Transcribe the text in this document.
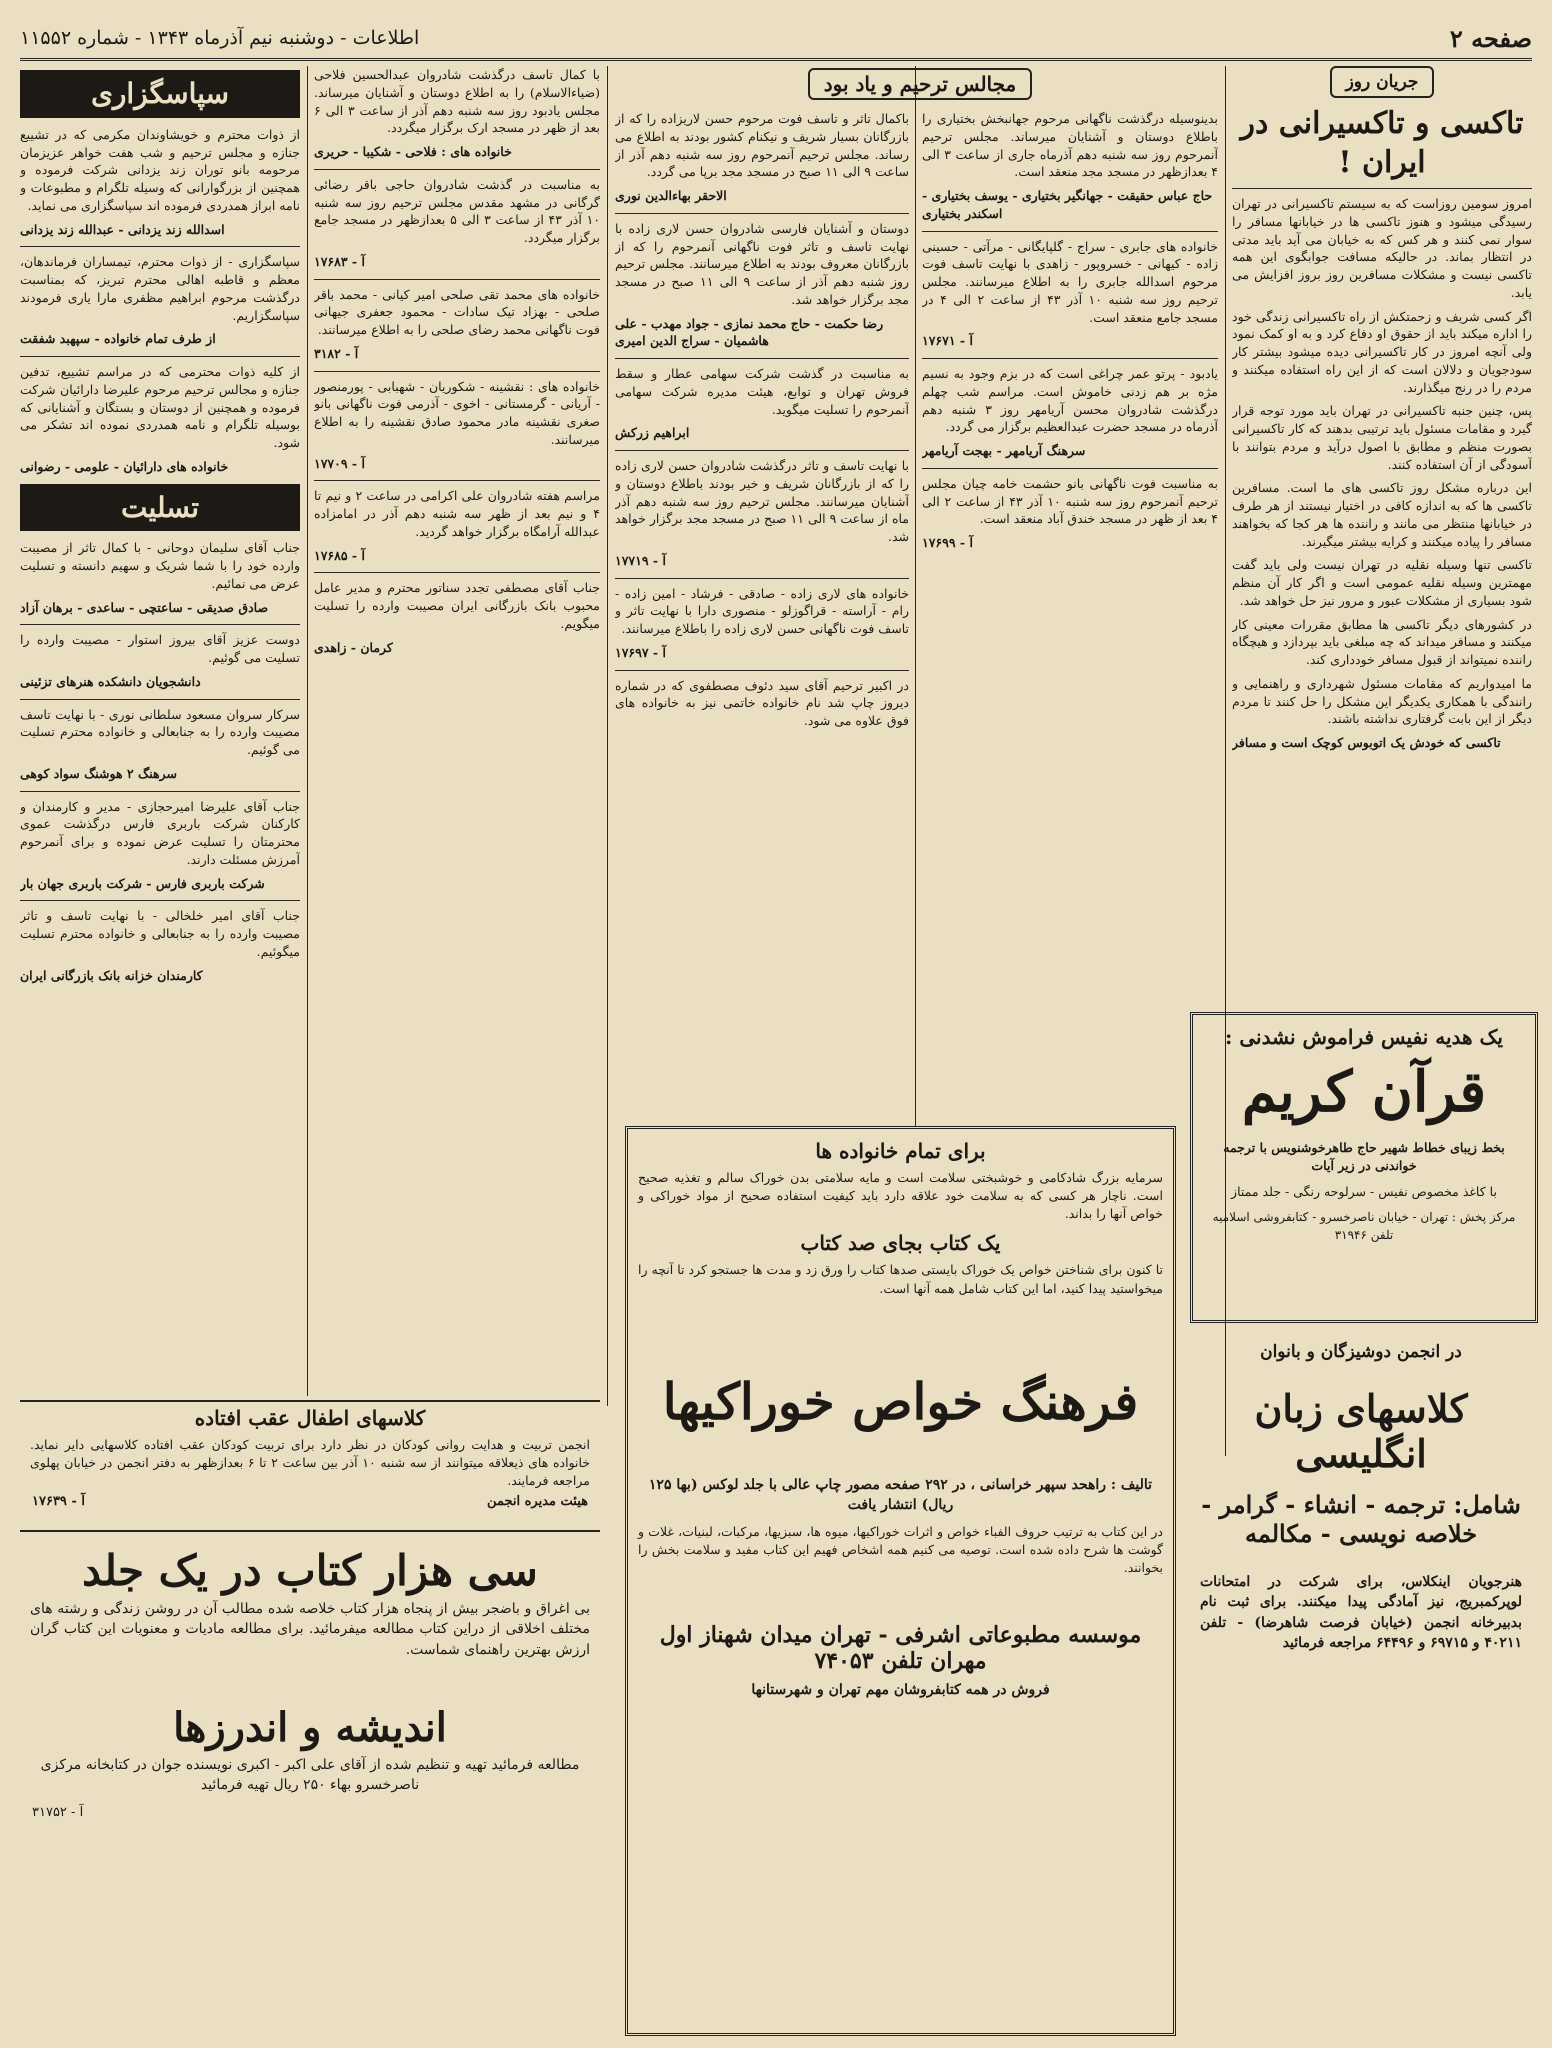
صفحه ۲
اطلاعات - دوشنبه نیم آذرماه ۱۳۴۳ - شماره ۱۱۵۵۲
جریان روز
تاکسی و تاکسیرانی در ایران !

امروز سومین روزاست که به سیستم تاکسیرانی در تهران رسیدگی میشود و هنوز تاکسی ها در خیابانها مسافر را سوار نمی کنند و هر کس که به خیابان می آید باید مدتی در انتظار بماند. در حالیکه مسافت جوابگوی این همه تاکسی نیست و مشکلات مسافرین روز بروز افزایش می یابد.

اگر کسی شریف و زحمتکش از راه تاکسیرانی زندگی خود را اداره میکند باید از حقوق او دفاع کرد و به او کمک نمود ولی آنچه امروز در کار تاکسیرانی دیده میشود بیشتر کار سودجویان و دلالان است که از این راه استفاده میکنند و مردم را در رنج میگذارند.

پس، چنین جنبه تاکسیرانی در تهران باید مورد توجه قرار گیرد و مقامات مسئول باید ترتیبی بدهند که کار تاکسیرانی بصورت منظم و مطابق با اصول درآید و مردم بتوانند با آسودگی از آن استفاده کنند.

این درباره مشکل روز تاکسی های ما است. مسافرین تاکسی ها که به اندازه کافی در اختیار نیستند از هر طرف در خیابانها منتظر می مانند و راننده ها هر کجا که بخواهند مسافر را پیاده میکنند و کرایه بیشتر میگیرند.

تاکسی تنها وسیله نقلیه در تهران نیست ولی باید گفت مهمترین وسیله نقلیه عمومی است و اگر کار آن منظم شود بسیاری از مشکلات عبور و مرور نیز حل خواهد شد.

در کشورهای دیگر تاکسی ها مطابق مقررات معینی کار میکنند و مسافر میداند که چه مبلغی باید بپردازد و هیچگاه راننده نمیتواند از قبول مسافر خودداری کند.

ما امیدواریم که مقامات مسئول شهرداری و راهنمایی و رانندگی با همکاری یکدیگر این مشکل را حل کنند تا مردم دیگر از این بابت گرفتاری نداشته باشند.

تاکسی که خودش یک اتوبوس کوچک است و مسافر
مجالس ترحیم و یاد بود

بدینوسیله درگذشت ناگهانی مرحوم جهانبخش بختیاری را باطلاع دوستان و آشنایان میرساند. مجلس ترحیم آنمرحوم روز سه شنبه دهم آذرماه جاری از ساعت ۳ الی ۴ بعدازظهر در مسجد مجد منعقد است.

حاج عباس حقیقت - جهانگیر بختیاری - یوسف بختیاری - اسکندر بختیاری

خانواده های جابری - سراج - گلپایگانی - مرآتی - حسینی زاده - کیهانی - خسروپور - زاهدی با نهایت تاسف فوت مرحوم اسدالله جابری را به اطلاع میرسانند. مجلس ترحیم روز سه شنبه ۱۰ آذر ۴۳ از ساعت ۲ الی ۴ در مسجد جامع منعقد است.

آ - ۱۷۶۷۱

یادبود - پرتو عمر چراغی است که در بزم وجود به نسیم مژه بر هم زدنی خاموش است. مراسم شب چهلم درگذشت شادروان محسن آریامهر روز ۳ شنبه دهم آذرماه در مسجد حضرت عبدالعظیم برگزار می گردد.

سرهنگ آریامهر - بهجت آریامهر

به مناسبت فوت ناگهانی بانو حشمت خامه چیان مجلس ترحیم آنمرحوم روز سه شنبه ۱۰ آذر ۴۳ از ساعت ۲ الی ۴ بعد از ظهر در مسجد خندق آباد منعقد است.

آ - ۱۷۶۹۹

باکمال تاثر و تاسف فوت مرحوم حسن لاریزاده را که از بازرگانان بسیار شریف و نیکنام کشور بودند به اطلاع می رساند. مجلس ترحیم آنمرحوم روز سه شنبه دهم آذر از ساعت ۹ الی ۱۱ صبح در مسجد مجد برپا می گردد.

الاحقر بهاءالدین نوری

دوستان و آشنایان فارسی شادروان حسن لاری زاده با نهایت تاسف و تاثر فوت ناگهانی آنمرحوم را که از بازرگانان معروف بودند به اطلاع میرسانند. مجلس ترحیم روز شنبه دهم آذر از ساعت ۹ الی ۱۱ صبح در مسجد مجد برگزار خواهد شد.

رضا حکمت - حاج محمد نمازی - جواد مهدب - علی هاشمیان - سراج الدین امیری

به مناسبت در گذشت شرکت سهامی عطار و سقط فروش تهران و توابع، هیئت مدیره شرکت سهامی آنمرحوم را تسلیت میگوید.

ابراهیم زرکش

با نهایت تاسف و تاثر درگذشت شادروان حسن لاری زاده را که از بازرگانان شریف و خیر بودند باطلاع دوستان و آشنایان میرسانند. مجلس ترحیم روز سه شنبه دهم آذر ماه از ساعت ۹ الی ۱۱ صبح در مسجد مجد برگزار خواهد شد.

آ - ۱۷۷۱۹

خانواده های لاری زاده - صادقی - فرشاد - امین زاده - رام - آراسته - قراگوزلو - منصوری دارا با نهایت تاثر و تاسف فوت ناگهانی حسن لاری زاده را باطلاع میرسانند.

آ - ۱۷۶۹۷

در اکبیر ترحیم آقای سید دئوف مصطفوی که در شماره دیروز چاپ شد نام خانواده خاتمی نیز به خانواده های فوق علاوه می شود.

با کمال تاسف درگذشت شادروان عبدالحسین فلاحی (ضیاءالاسلام) را به اطلاع دوستان و آشنایان میرساند. مجلس یادبود روز سه شنبه دهم آذر از ساعت ۳ الی ۶ بعد از ظهر در مسجد ارک برگزار میگردد.

خانواده های : فلاحی - شکیبا - حریری

به مناسبت در گذشت شادروان حاجی باقر رضائی گرگانی در مشهد مقدس مجلس ترحیم روز سه شنبه ۱۰ آذر ۴۳ از ساعت ۳ الی ۵ بعدازظهر در مسجد جامع برگزار میگردد.

آ - ۱۷۶۸۳

خانواده های محمد تقی صلحی امیر کیانی - محمد باقر صلحی - بهزاد تیک سادات - محمود جعفری جیهانی فوت ناگهانی محمد رضای صلحی را به اطلاع میرسانند.

آ - ۳۱۸۲

خانواده های : نقشینه - شکوریان - شهبابی - پورمنصور - آریانی - گرمستانی - اخوی - آذرمی فوت ناگهانی بانو صغری نقشینه مادر محمود صادق نقشینه را به اطلاع میرسانند.

آ - ۱۷۷۰۹

مراسم هفته شادروان علی اکرامی در ساعت ۲ و نیم تا ۴ و نیم بعد از ظهر سه شنبه دهم آذر در امامزاده عبدالله آرامگاه برگزار خواهد گردید.

آ - ۱۷۶۸۵

جناب آقای مصطفی تجدد سناتور محترم و مدیر عامل محبوب بانک بازرگانی ایران مصیبت وارده را تسلیت میگویم.

کرمان - زاهدی
سپاسگزاری

از ذوات محترم و خویشاوندان مکرمی که در تشییع جنازه و مجلس ترحیم و شب هفت خواهر عزیزمان مرحومه بانو توران زند یزدانی شرکت فرموده و همچنین از بزرگوارانی که وسیله تلگرام و مطبوعات و نامه ابراز همدردی فرموده اند سپاسگزاری می نماید.

اسدالله زند یزدانی - عبدالله زند یزدانی

سپاسگزاری - از ذوات محترم، تیمساران فرماندهان، معظم و قاطبه اهالی محترم تبریز، که بمناسبت درگذشت مرحوم ابراهیم مظفری مارا یاری فرمودند سپاسگزاریم.

از طرف تمام خانواده - سپهبد شفقت

از کلیه ذوات محترمی که در مراسم تشییع، تدفین جنازه و مجالس ترحیم مرحوم علیرضا دارائیان شرکت فرموده و همچنین از دوستان و بستگان و آشنایانی که بوسیله تلگرام و نامه همدردی نموده اند تشکر می شود.

خانواده های دارائیان - علومی - رضوانی
تسلیت

جناب آقای سلیمان دوحانی - با کمال تاثر از مصیبت وارده خود را با شما شریک و سهیم دانسته و تسلیت عرض می نمائیم.

صادق صدیقی - ساعتچی - ساعدی - برهان آزاد

دوست عزیز آقای بیروز استوار - مصیبت وارده را تسلیت می گوئیم.

دانشجویان دانشکده هنرهای تزئینی

سرکار سروان مسعود سلطانی نوری - با نهایت تاسف مصیبت وارده را به جنابعالی و خانواده محترم تسلیت می گوئیم.

سرهنگ ۲ هوشنگ سواد کوهی

جناب آقای علیرضا امیرحجازی - مدیر و کارمندان و کارکنان شرکت باربری فارس درگذشت عموی محترمتان را تسلیت عرض نموده و برای آنمرحوم آمرزش مسئلت دارند.

شرکت باربری فارس - شرکت باربری جهان بار

جناب آقای امیر خلخالی - با نهایت تاسف و تاثر مصیبت وارده را به جنابعالی و خانواده محترم تسلیت میگوئیم.

کارمندان خزانه بانک بازرگانی ایران
کلاسهای اطفال عقب افتاده
انجمن تربیت و هدایت روانی کودکان در نظر دارد برای تربیت کودکان عقب افتاده کلاسهایی دایر نماید. خانواده های ذیعلاقه میتوانند از سه شنبه ۱۰ آذر بین ساعت ۲ تا ۶ بعدازظهر به دفتر انجمن در خیابان پهلوی مراجعه فرمایند.
هیئت مدیره انجمن
آ - ۱۷۶۳۹
سی هزار کتاب در یک جلد
بی اغراق و باضجر بیش از پنجاه هزار کتاب خلاصه شده مطالب آن در روشن زندگی و رشته های مختلف اخلاقی از دراین کتاب مطالعه میفرمائید. برای مطالعه مادیات و معنویات این کتاب گران ارزش بهترین راهنمای شماست.
اندیشه و اندرزها
مطالعه فرمائید تهیه و تنظیم شده از آقای علی اکبر - اکبری نویسنده جوان در کتابخانه مرکزی ناصرخسرو بهاء ۲۵۰ ریال تهیه فرمائید
آ - ۳۱۷۵۲
برای تمام خانواده ها
سرمایه بزرگ شادکامی و خوشبختی سلامت است و مایه سلامتی بدن خوراک سالم و تغذیه صحیح است. ناچار هر کسی که به سلامت خود علاقه دارد باید کیفیت استفاده صحیح از مواد خوراکی و خواص آنها را بداند.
یک کتاب بجای صد کتاب
تا کنون برای شناختن خواص یک خوراک بایستی صدها کتاب را ورق زد و مدت ها جستجو کرد تا آنچه را میخواستید پیدا کنید، اما این کتاب شامل همه آنها است.
فرهنگ خواص خوراکیها
تالیف : راهحد سپهر خراسانی ، در ۲۹۲ صفحه مصور چاپ عالی با جلد لوکس (بها ۱۲۵ ریال) انتشار یافت
در این کتاب به ترتیب حروف الفباء خواص و اثرات خوراکیها، میوه ها، سبزیها، مرکبات، لبنیات، غلات و گوشت ها شرح داده شده است. توصیه می کنیم همه اشخاص فهیم این کتاب مفید و سلامت بخش را بخوانند.
موسسه مطبوعاتی اشرفی - تهران میدان شهناز اول مهران تلفن ۷۴۰۵۳
فروش در همه کتابفروشان مهم تهران و شهرستانها
یک هدیه نفیس فراموش نشدنی :
قرآن کریم
بخط زیبای خطاط شهیر حاج طاهرخوشنویس با ترجمه خواندنی در زیر آیات
با کاغذ مخصوص نفیس - سرلوحه رنگی - جلد ممتاز
مرکز پخش : تهران - خیابان ناصرخسرو - کتابفروشی اسلامیه تلفن ۳۱۹۴۶
در انجمن دوشیزگان و بانوان
کلاسهای زبان انگلیسی
شامل: ترجمه - انشاء - گرامر -
خلاصه نویسی - مکالمه
هنرجویان اینکلاس، برای شرکت در امتحانات لوپرکمبریج، نیز آمادگی پیدا میکنند. برای ثبت نام بدبیرخانه انجمن (خیابان فرصت شاهرضا) - تلفن ۴۰۲۱۱ و ۶۹۷۱۵ و ۶۴۴۹۶ مراجعه فرمائید
